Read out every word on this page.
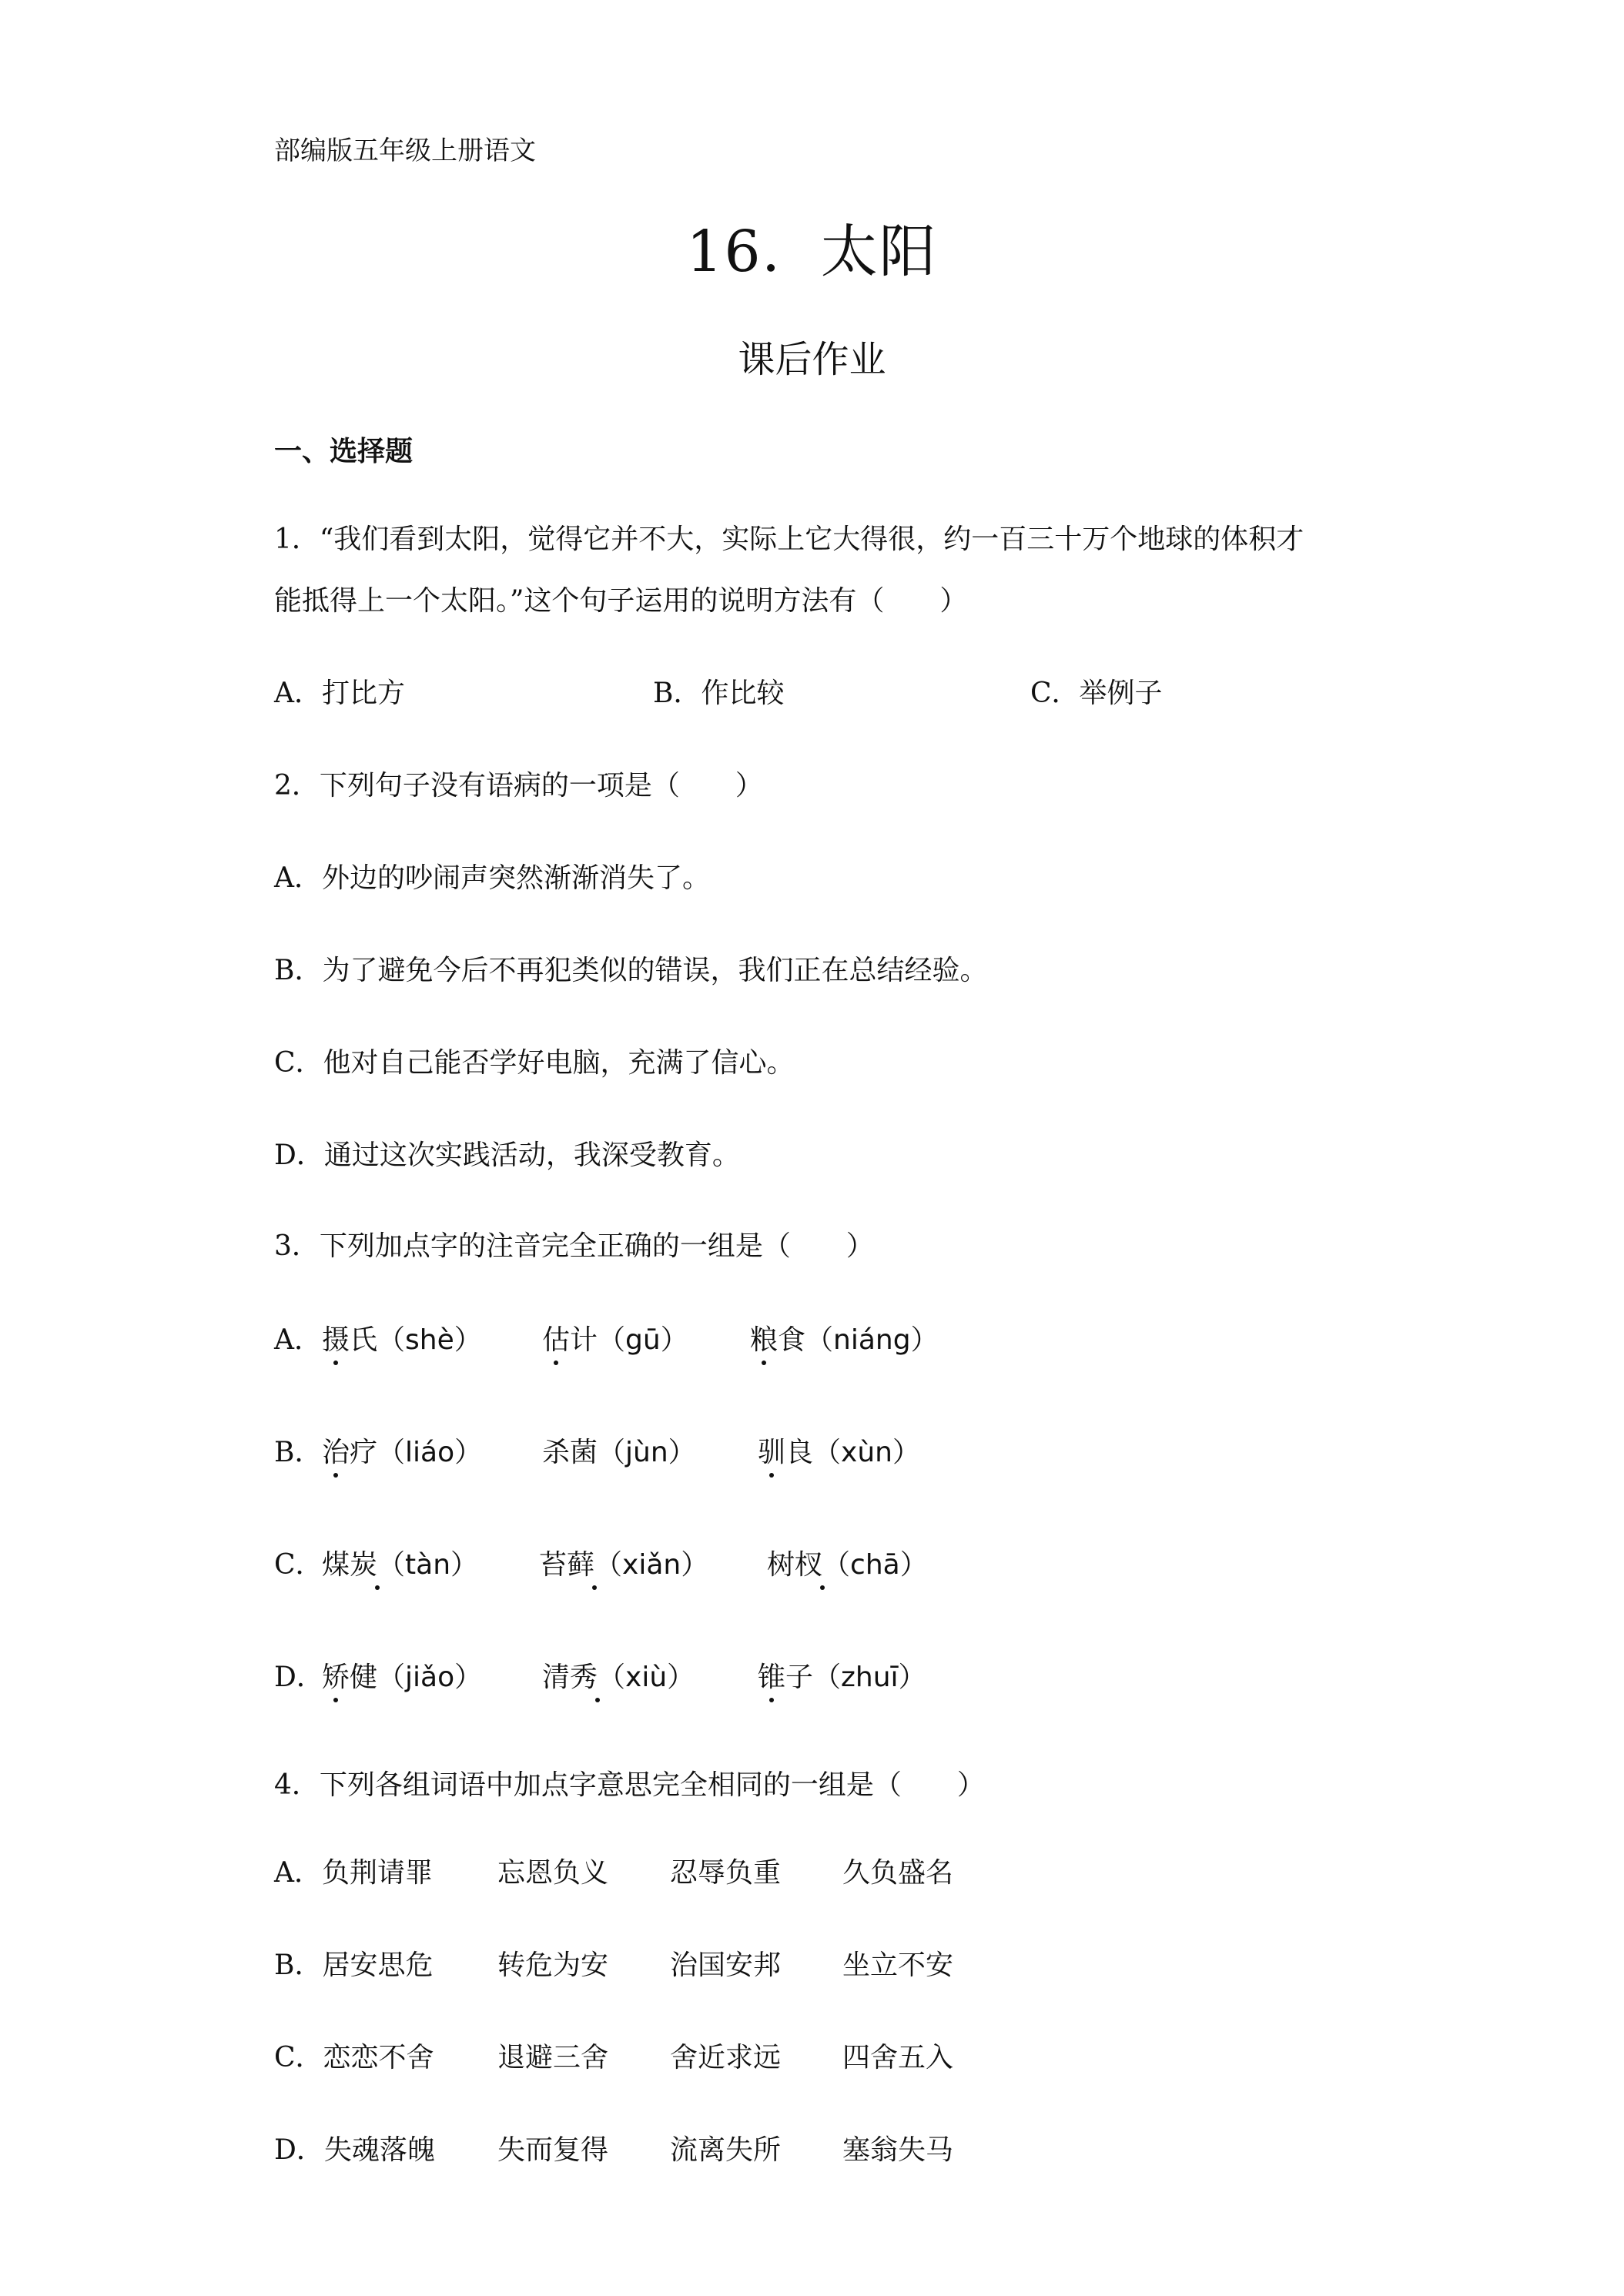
部编版五年级上册语文
16．太阳
课后作业
一、选择题
1．“我们看到太阳，觉得它并不大，实际上它大得很，约一百三十万个地球的体积才
能抵得上一个太阳。”这个句子运用的说明方法有（　　）
A．打比方	B．作比较	C．举例子
2．下列句子没有语病的一项是（　　）
A．外边的吵闹声突然渐渐消失了。
B．为了避免今后不再犯类似的错误，我们正在总结经验。
C．他对自己能否学好电脑，充满了信心。
D．通过这次实践活动，我深受教育。
3．下列加点字的注音完全正确的一组是（　　）
A． 摄氏（shè） 估计（gū） 粮食（niáng）
B． 治疗（liáo） 杀菌（jùn） 驯良（xùn）
C．
煤炭（tàn） 苔藓（xiǎn） 树杈（chā）
D．
矫健（jiǎo） 清秀（xiù） 锥子（zhuī）
4．下列各组词语中加点字意思完全相同的一组是（　　）
A．负荆请罪 忘恩负义 忍辱负重 久负盛名
B．居安思危 转危为安 治国安邦 坐立不安
C．恋恋不舍 退避三舍 舍近求远 四舍五入
D．失魂落魄 失而复得 流离失所 塞翁失马
